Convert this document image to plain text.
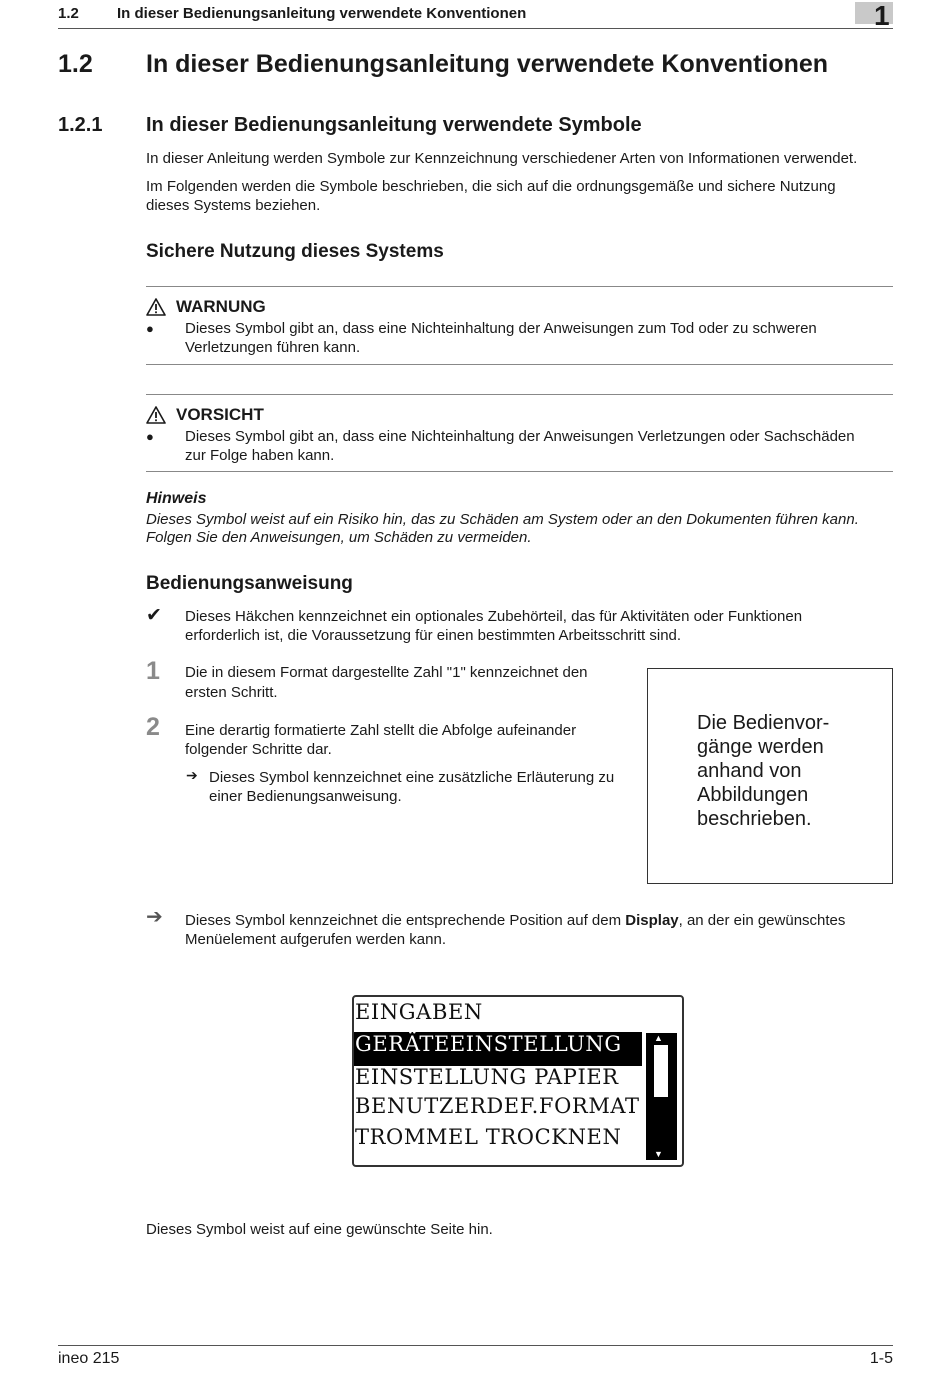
1.2	In dieser Bedienungsanleitung verwendete Konventionen	1
1.2 In dieser Bedienungsanleitung verwendete Konventionen
1.2.1 In dieser Bedienungsanleitung verwendete Symbole
In dieser Anleitung werden Symbole zur Kennzeichnung verschiedener Arten von Informationen verwendet.
Im Folgenden werden die Symbole beschrieben, die sich auf die ordnungsgemäße und sichere Nutzung
dieses Systems beziehen.
Sichere Nutzung dieses Systems
WARNUNG
● Dieses Symbol gibt an, dass eine Nichteinhaltung der Anweisungen zum Tod oder zu schweren
Verletzungen führen kann.
VORSICHT
● Dieses Symbol gibt an, dass eine Nichteinhaltung der Anweisungen Verletzungen oder Sachschäden
zur Folge haben kann.
Hinweis
Dieses Symbol weist auf ein Risiko hin, das zu Schäden am System oder an den Dokumenten führen kann.
Folgen Sie den Anweisungen, um Schäden zu vermeiden.
Bedienungsanweisung
✔ Dieses Häkchen kennzeichnet ein optionales Zubehörteil, das für Aktivitäten oder Funktionen
erforderlich ist, die Voraussetzung für einen bestimmten Arbeitsschritt sind.
1 Die in diesem Format dargestellte Zahl "1" kennzeichnet den
ersten Schritt.
2 Eine derartig formatierte Zahl stellt die Abfolge aufeinander
folgender Schritte dar.
➔ Dieses Symbol kennzeichnet eine zusätzliche Erläuterung zu
einer Bedienungsanweisung.
Die Bedienvor-
gänge werden
anhand von
Abbildungen
beschrieben.
➔ Dieses Symbol kennzeichnet die entsprechende Position auf dem Display, an der ein gewünschtes
Menüelement aufgerufen werden kann.
EINGABEN
GERÄTEEINSTELLUNG
EINSTELLUNG PAPIER
BENUTZERDEF.FORMAT
TROMMEL TROCKNEN
▲
▼
Dieses Symbol weist auf eine gewünschte Seite hin.
ineo 215	1-5
